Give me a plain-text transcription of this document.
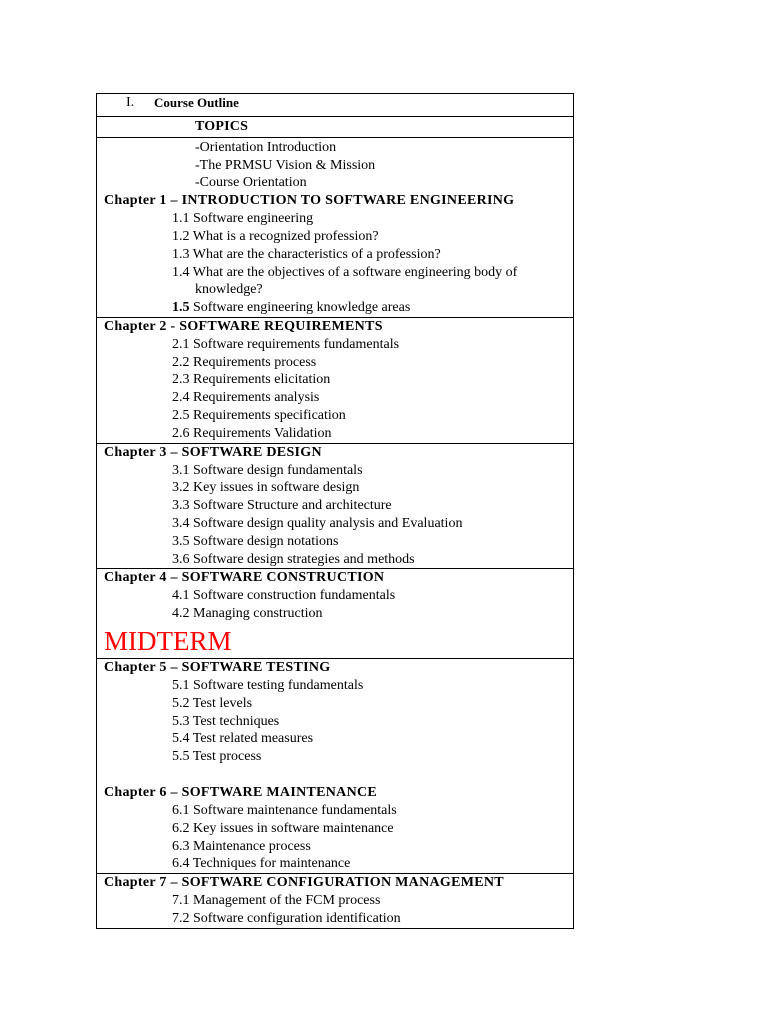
I. Course Outline

TOPICS

-Orientation Introduction
-The PRMSU Vision & Mission
-Course Orientation
Chapter 1 – INTRODUCTION TO SOFTWARE ENGINEERING
1.1 Software engineering
1.2 What is a recognized profession?
1.3 What are the characteristics of a profession?
1.4 What are the objectives of a software engineering body of
knowledge?
1.5 Software engineering knowledge areas

Chapter 2 - SOFTWARE REQUIREMENTS
2.1 Software requirements fundamentals
2.2 Requirements process
2.3 Requirements elicitation
2.4 Requirements analysis
2.5 Requirements specification
2.6 Requirements Validation

Chapter 3 – SOFTWARE DESIGN
3.1 Software design fundamentals
3.2 Key issues in software design
3.3 Software Structure and architecture
3.4 Software design quality analysis and Evaluation
3.5 Software design notations
3.6 Software design strategies and methods

Chapter 4 – SOFTWARE CONSTRUCTION
4.1 Software construction fundamentals
4.2 Managing construction
MIDTERM

Chapter 5 – SOFTWARE TESTING
5.1 Software testing fundamentals
5.2 Test levels
5.3 Test techniques
5.4 Test related measures
5.5 Test process
Chapter 6 – SOFTWARE MAINTENANCE
6.1 Software maintenance fundamentals
6.2 Key issues in software maintenance
6.3 Maintenance process
6.4 Techniques for maintenance

Chapter 7 – SOFTWARE CONFIGURATION MANAGEMENT
7.1 Management of the FCM process
7.2 Software configuration identification
